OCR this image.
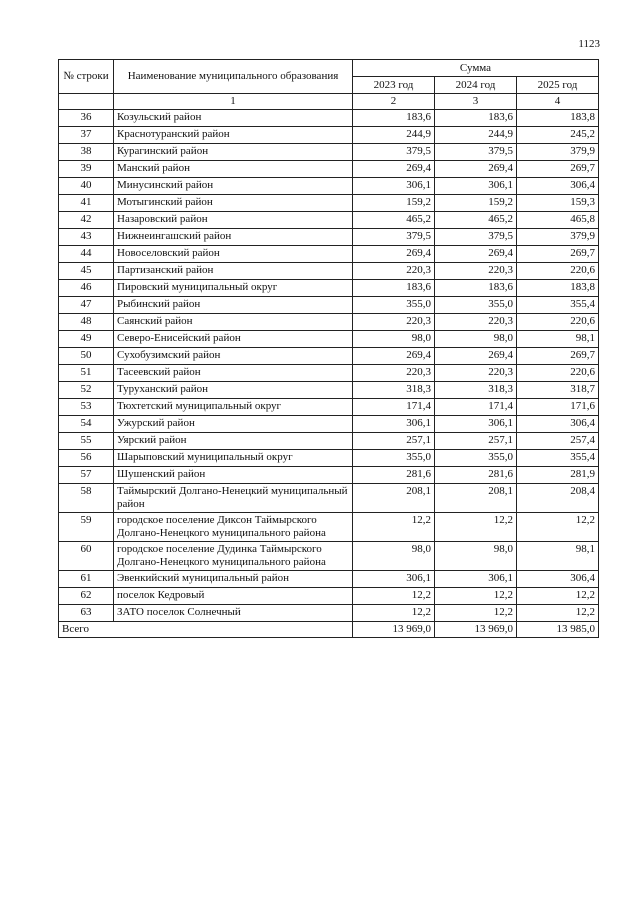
1123
№ строки	Наименование муниципального образования	Сумма		
		2023 год	2024 год	2025 год
	1	2	3	4
36	Козульский район	183,6	183,6	183,8
37	Краснотуранский район	244,9	244,9	245,2
38	Курагинский район	379,5	379,5	379,9
39	Манский район	269,4	269,4	269,7
40	Минусинский район	306,1	306,1	306,4
41	Мотыгинский район	159,2	159,2	159,3
42	Назаровский район	465,2	465,2	465,8
43	Нижнеингашский район	379,5	379,5	379,9
44	Новоселовский район	269,4	269,4	269,7
45	Партизанский район	220,3	220,3	220,6
46	Пировский муниципальный округ	183,6	183,6	183,8
47	Рыбинский район	355,0	355,0	355,4
48	Саянский район	220,3	220,3	220,6
49	Северо-Енисейский район	98,0	98,0	98,1
50	Сухобузимский район	269,4	269,4	269,7
51	Тасеевский район	220,3	220,3	220,6
52	Туруханский район	318,3	318,3	318,7
53	Тюхтетский муниципальный округ	171,4	171,4	171,6
54	Ужурский район	306,1	306,1	306,4
55	Уярский район	257,1	257,1	257,4
56	Шарыповский муниципальный округ	355,0	355,0	355,4
57	Шушенский район	281,6	281,6	281,9
58	Таймырский Долгано-Ненецкий муниципальный район	208,1	208,1	208,4
59	городское поселение Диксон Таймырского Долгано-Ненецкого муниципального района	12,2	12,2	12,2
60	городское поселение Дудинка Таймырского Долгано-Ненецкого муниципального района	98,0	98,0	98,1
61	Эвенкийский муниципальный район	306,1	306,1	306,4
62	поселок Кедровый	12,2	12,2	12,2
63	ЗАТО поселок Солнечный	12,2	12,2	12,2
Всего		13 969,0	13 969,0	13 985,0
